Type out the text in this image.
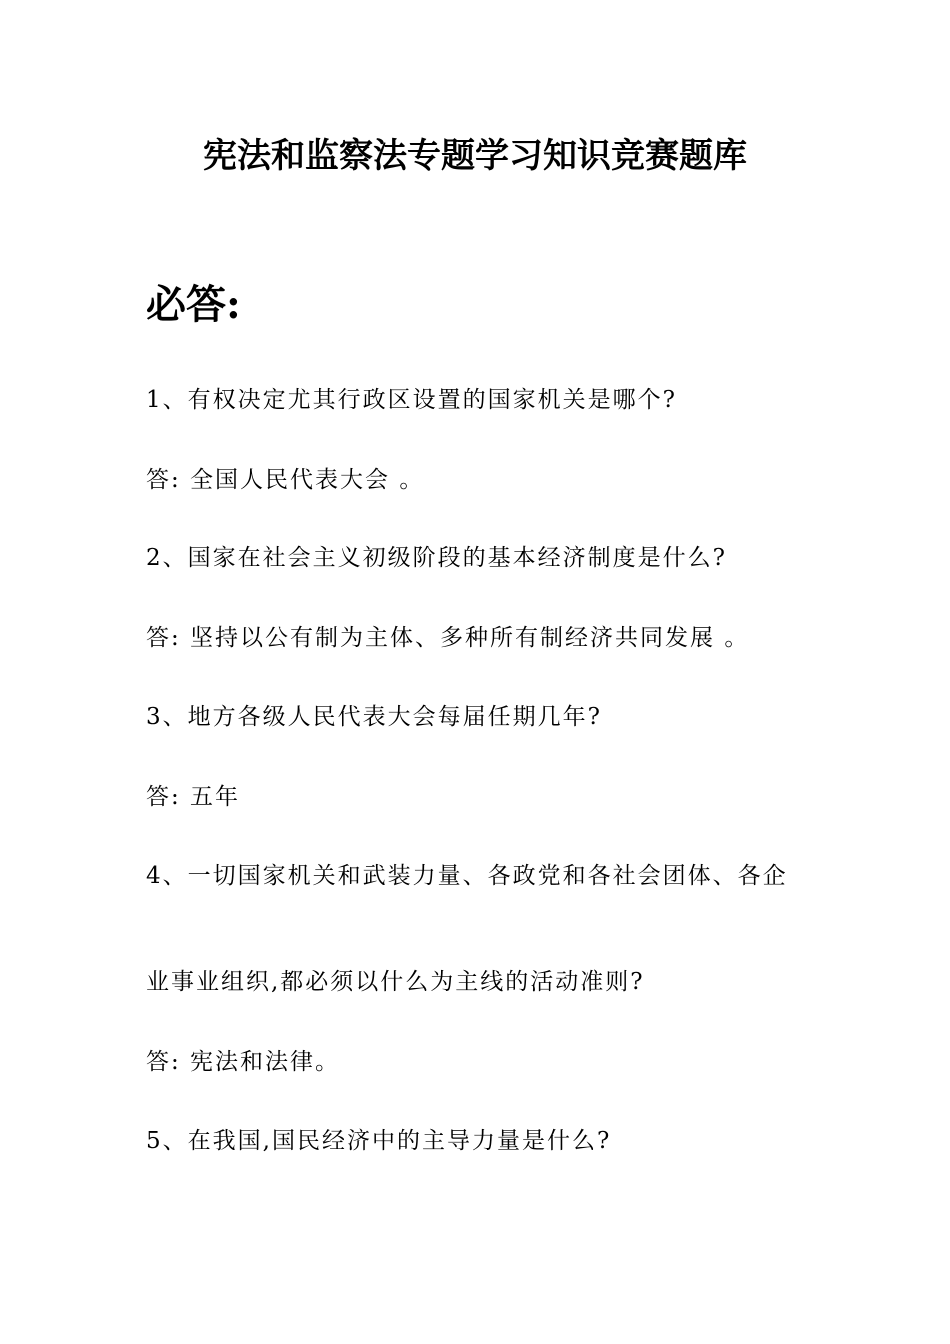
宪法和监察法专题学习知识竞赛题库
必答:
1、有权决定尤其行政区设置的国家机关是哪个?
答: 全国人民代表大会 。
2、国家在社会主义初级阶段的基本经济制度是什么?
答: 坚持以公有制为主体、多种所有制经济共同发展 。
3、地方各级人民代表大会每届任期几年?
答: 五年
4、一切国家机关和武装力量、各政党和各社会团体、各企
业事业组织,都必须以什么为主线的活动准则?
答: 宪法和法律。
5、在我国,国民经济中的主导力量是什么?
